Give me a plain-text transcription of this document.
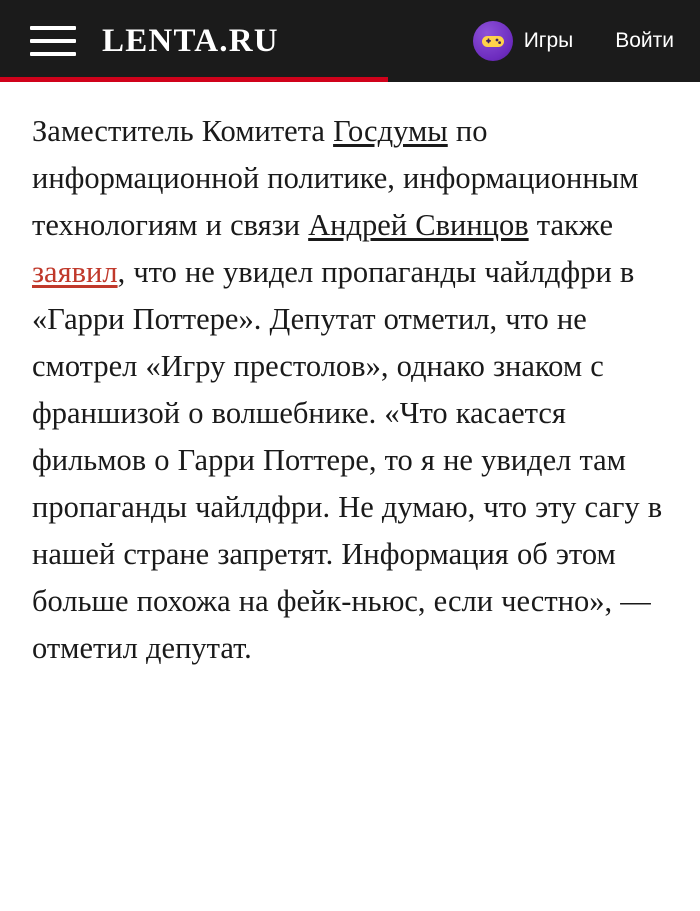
LENTA.RU	Игры Войти

Заместитель Комитета Госдумы по информационной политике, информационным технологиям и связи Андрей Свинцов также заявил, что не увидел пропаганды чайлдфри в «Гарри Поттере». Депутат отметил, что не смотрел «Игру престолов», однако знаком с франшизой о волшебнике. «Что касается фильмов о Гарри Поттере, то я не увидел там пропаганды чайлдфри. Не думаю, что эту сагу в нашей стране запретят. Информация об этом больше похожа на фейк-ньюс, если честно», — отметил депутат.
